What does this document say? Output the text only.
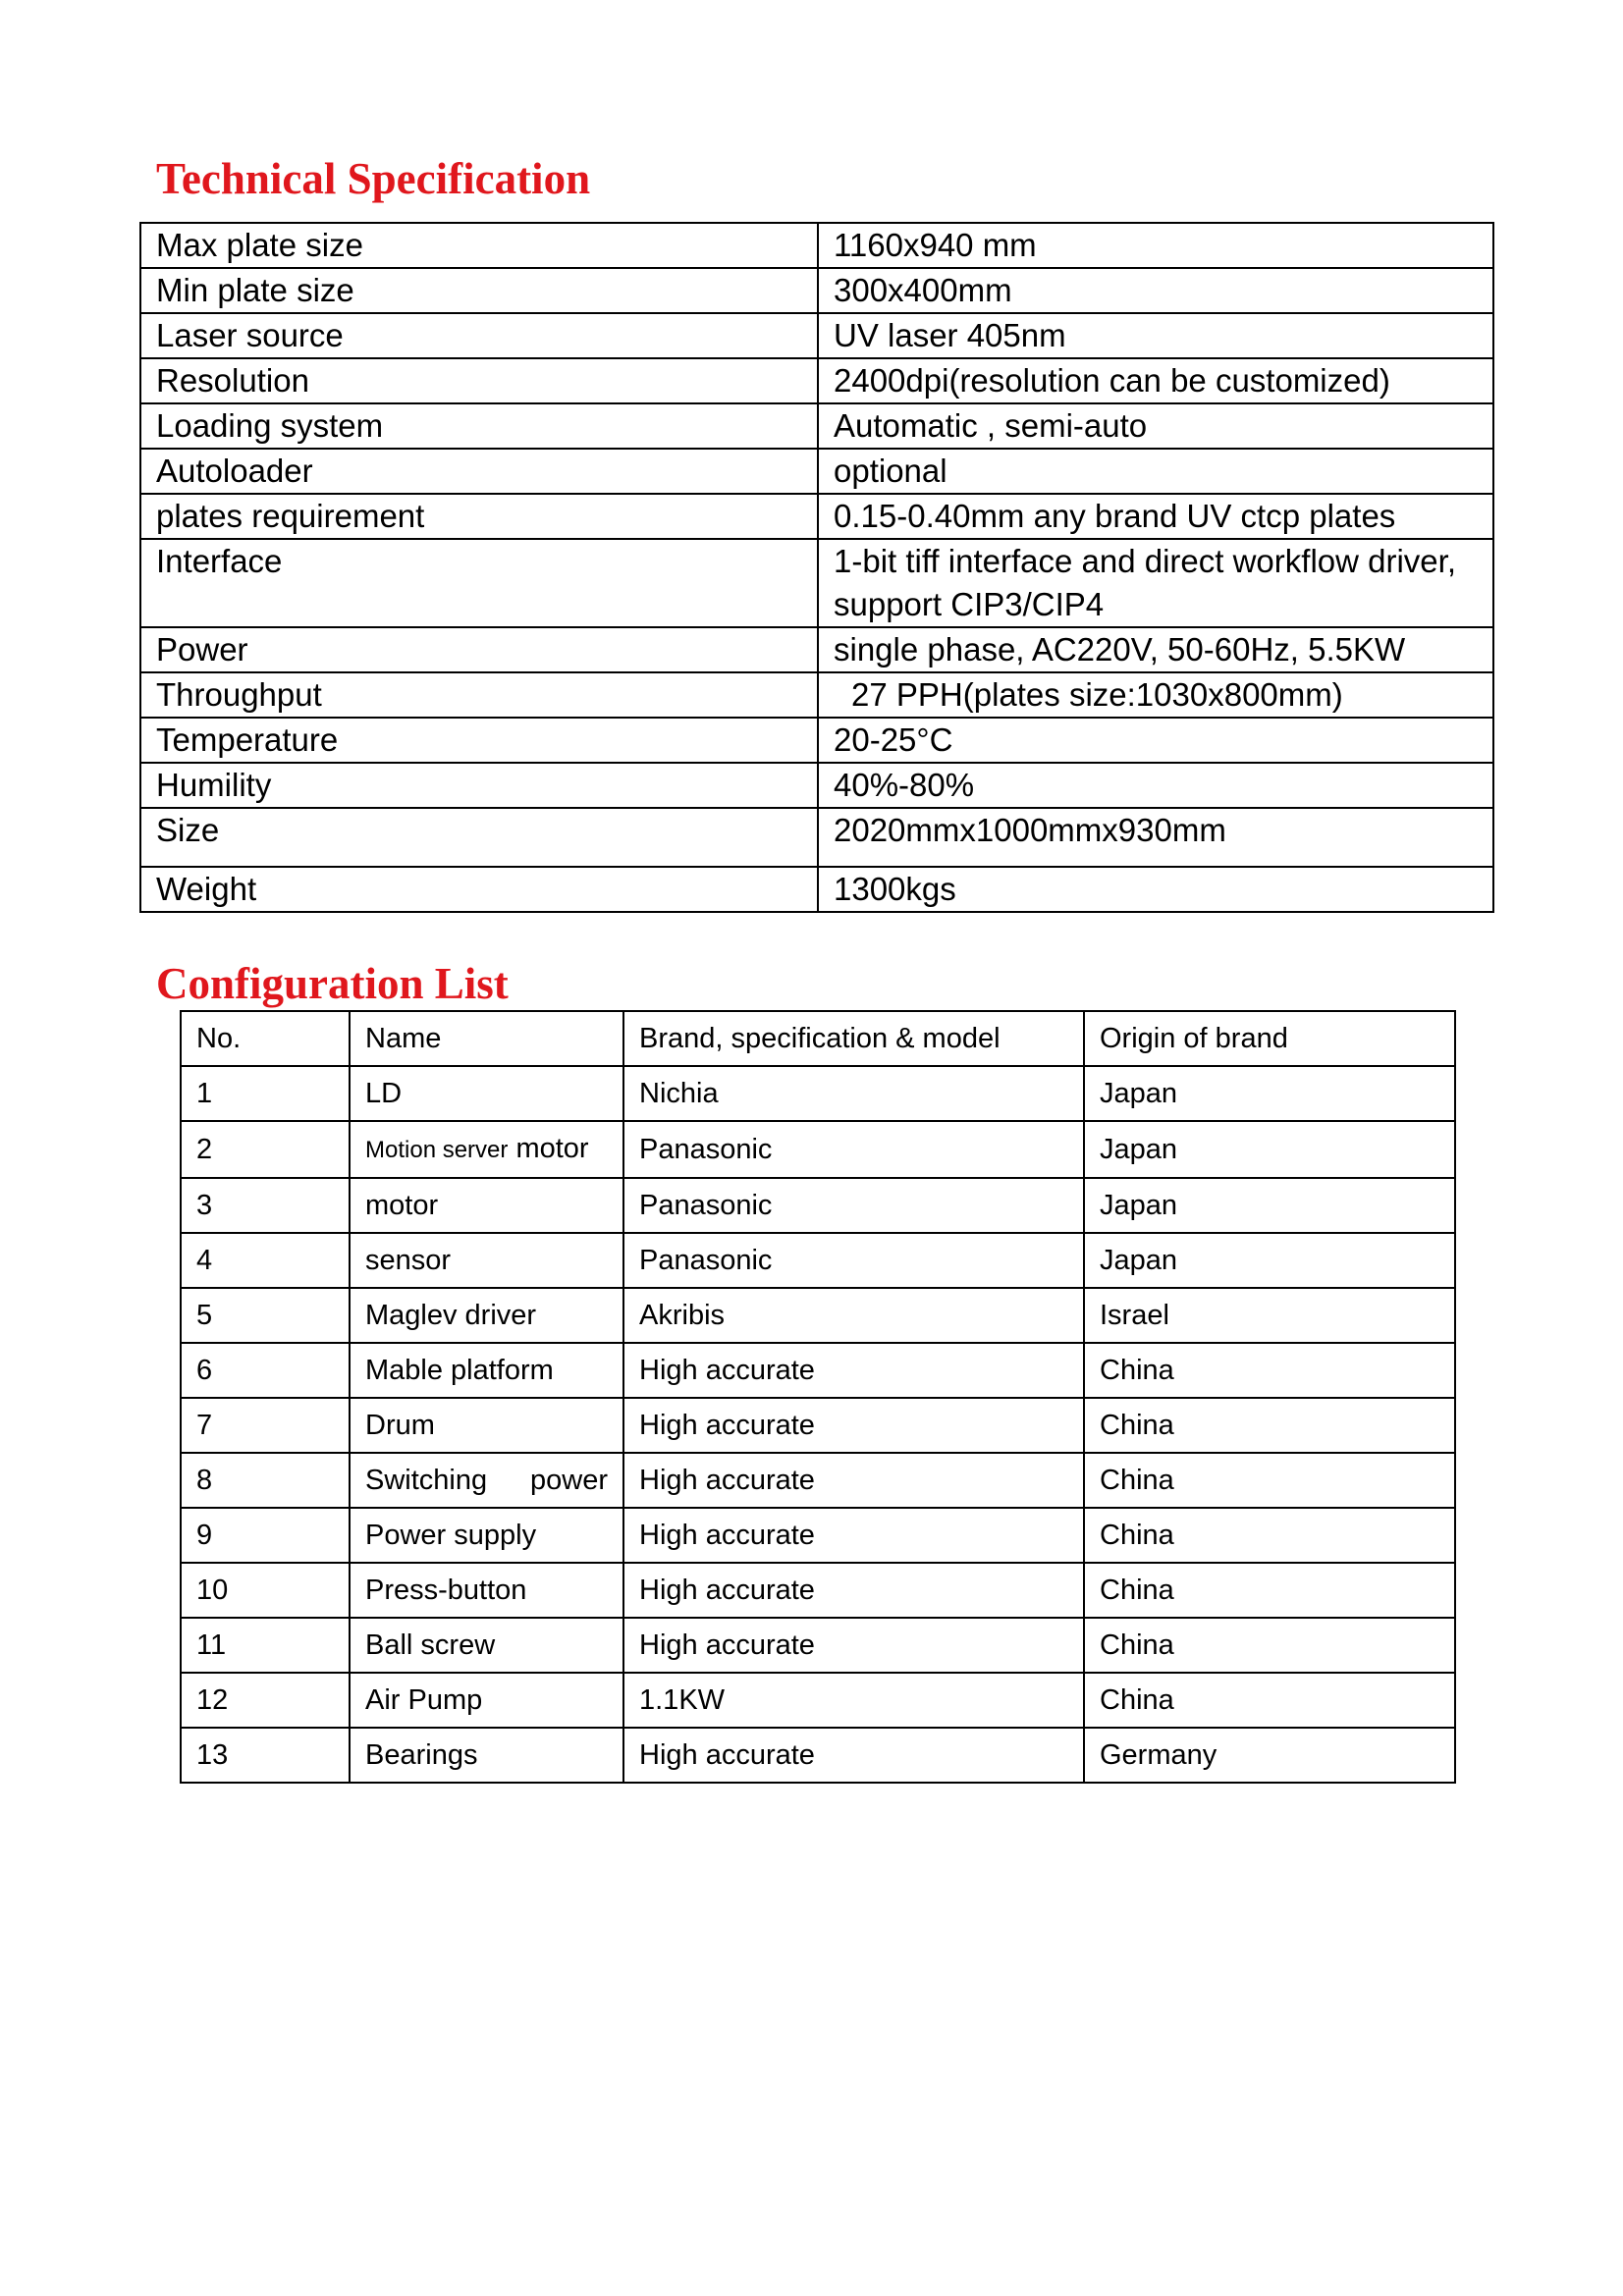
Technical Specification
Max plate size	1160x940 mm
Min plate size	300x400mm
Laser source	UV laser 405nm
Resolution	2400dpi(resolution can be customized)
Loading system	Automatic , semi-auto
Autoloader	optional
plates requirement	0.15-0.40mm any brand UV ctcp plates
Interface	1-bit tiff interface and direct workflow driver, support CIP3/CIP4
Power	single phase, AC220V, 50-60Hz, 5.5KW
Throughput	27 PPH(plates size:1030x800mm)
Temperature	20-25°C
Humility	40%-80%
Size	2020mmx1000mmx930mm
Weight	1300kgs
Configuration List
No.	Name	Brand, specification & model	Origin of brand
1	LD	Nichia	Japan
2	Motion server motor	Panasonic	Japan
3	motor	Panasonic	Japan
4	sensor	Panasonic	Japan
5	Maglev driver	Akribis	Israel
6	Mable platform	High accurate	China
7	Drum	High accurate	China
8	Switching power	High accurate	China
9	Power supply	High accurate	China
10	Press-button	High accurate	China
11	Ball screw	High accurate	China
12	Air Pump	1.1KW	China
13	Bearings	High accurate	Germany
